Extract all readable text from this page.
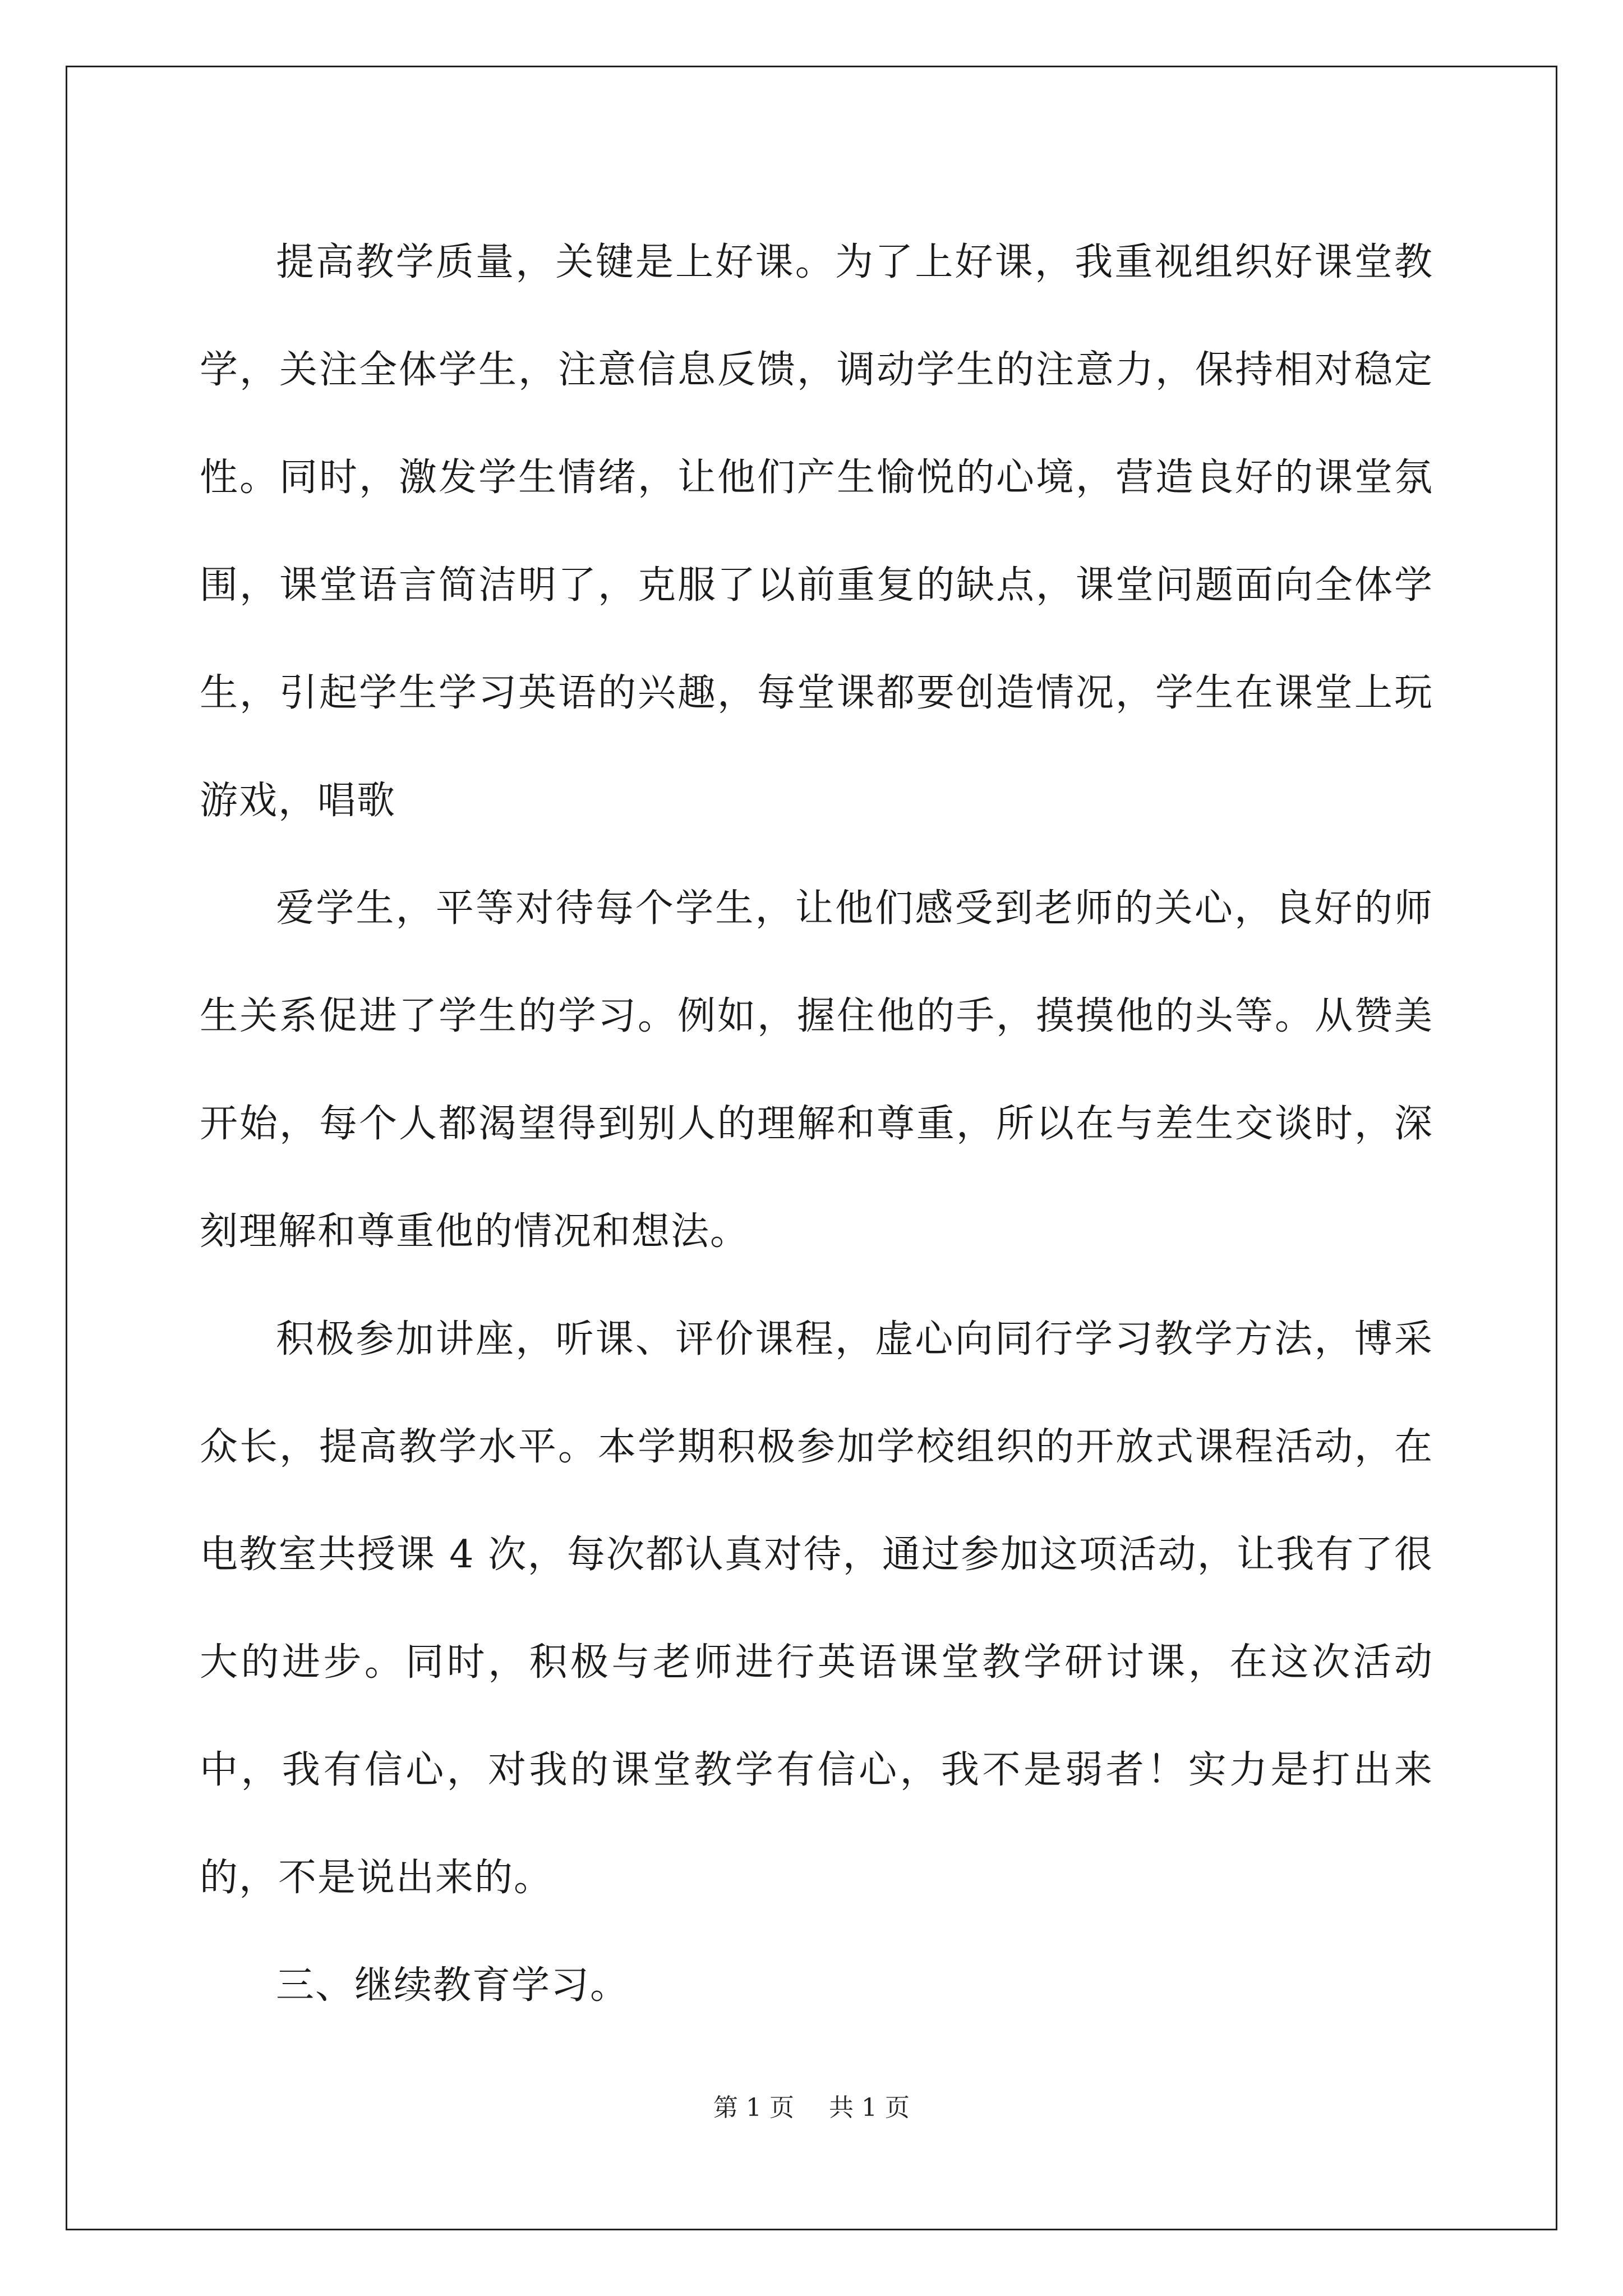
提高教学质量，关键是上好课。为了上好课，我重视组织好课堂教学，关注全体学生，注意信息反馈，调动学生的注意力，保持相对稳定性。同时，激发学生情绪，让他们产生愉悦的心境，营造良好的课堂氛围，课堂语言简洁明了，克服了以前重复的缺点，课堂问题面向全体学生，引起学生学习英语的兴趣，每堂课都要创造情况，学生在课堂上玩游戏，唱歌

爱学生，平等对待每个学生，让他们感受到老师的关心，良好的师生关系促进了学生的学习。例如，握住他的手，摸摸他的头等。从赞美开始，每个人都渴望得到别人的理解和尊重，所以在与差生交谈时，深刻理解和尊重他的情况和想法。

积极参加讲座，听课、评价课程，虚心向同行学习教学方法，博采众长，提高教学水平。本学期积极参加学校组织的开放式课程活动，在电教室共授课 4 次，每次都认真对待，通过参加这项活动，让我有了很大的进步。同时，积极与老师进行英语课堂教学研讨课，在这次活动中，我有信心，对我的课堂教学有信心，我不是弱者！实力是打出来的，不是说出来的。

三、继续教育学习。

第 1 页 共 1 页
